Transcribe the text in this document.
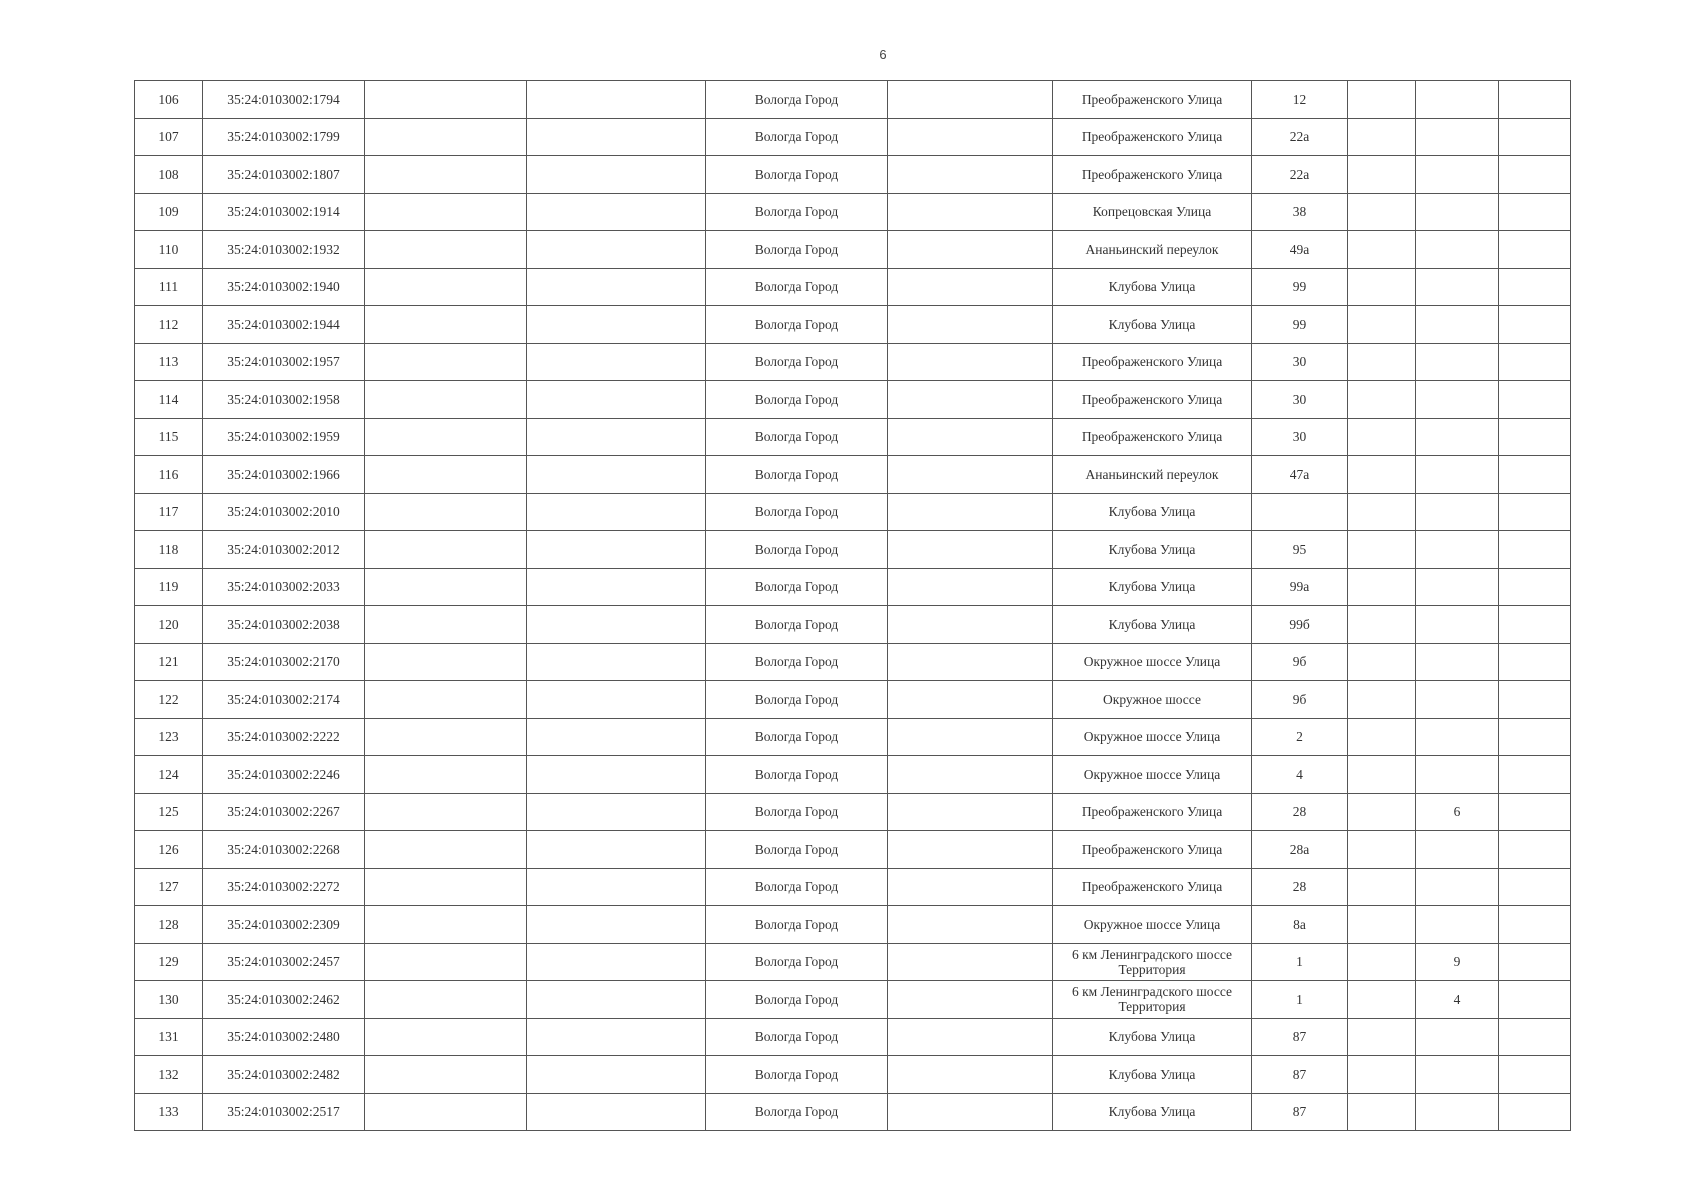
6
106	35:24:0103002:1794			Вологда Город		Преображенского Улица	12			
107	35:24:0103002:1799			Вологда Город		Преображенского Улица	22а			
108	35:24:0103002:1807			Вологда Город		Преображенского Улица	22а			
109	35:24:0103002:1914			Вологда Город		Копрецовская Улица	38			
110	35:24:0103002:1932			Вологда Город		Ананьинский переулок	49а			
111	35:24:0103002:1940			Вологда Город		Клубова Улица	99			
112	35:24:0103002:1944			Вологда Город		Клубова Улица	99			
113	35:24:0103002:1957			Вологда Город		Преображенского Улица	30			
114	35:24:0103002:1958			Вологда Город		Преображенского Улица	30			
115	35:24:0103002:1959			Вологда Город		Преображенского Улица	30			
116	35:24:0103002:1966			Вологда Город		Ананьинский переулок	47а			
117	35:24:0103002:2010			Вологда Город		Клубова Улица				
118	35:24:0103002:2012			Вологда Город		Клубова Улица	95			
119	35:24:0103002:2033			Вологда Город		Клубова Улица	99а			
120	35:24:0103002:2038			Вологда Город		Клубова Улица	99б			
121	35:24:0103002:2170			Вологда Город		Окружное шоссе Улица	9б			
122	35:24:0103002:2174			Вологда Город		Окружное шоссе	9б			
123	35:24:0103002:2222			Вологда Город		Окружное шоссе Улица	2			
124	35:24:0103002:2246			Вологда Город		Окружное шоссе Улица	4			
125	35:24:0103002:2267			Вологда Город		Преображенского Улица	28		6	
126	35:24:0103002:2268			Вологда Город		Преображенского Улица	28а			
127	35:24:0103002:2272			Вологда Город		Преображенского Улица	28			
128	35:24:0103002:2309			Вологда Город		Окружное шоссе Улица	8а			
129	35:24:0103002:2457			Вологда Город		6 км Ленинградского шоссе Территория	1		9	
130	35:24:0103002:2462			Вологда Город		6 км Ленинградского шоссе Территория	1		4	
131	35:24:0103002:2480			Вологда Город		Клубова Улица	87			
132	35:24:0103002:2482			Вологда Город		Клубова Улица	87			
133	35:24:0103002:2517			Вологда Город		Клубова Улица	87			
